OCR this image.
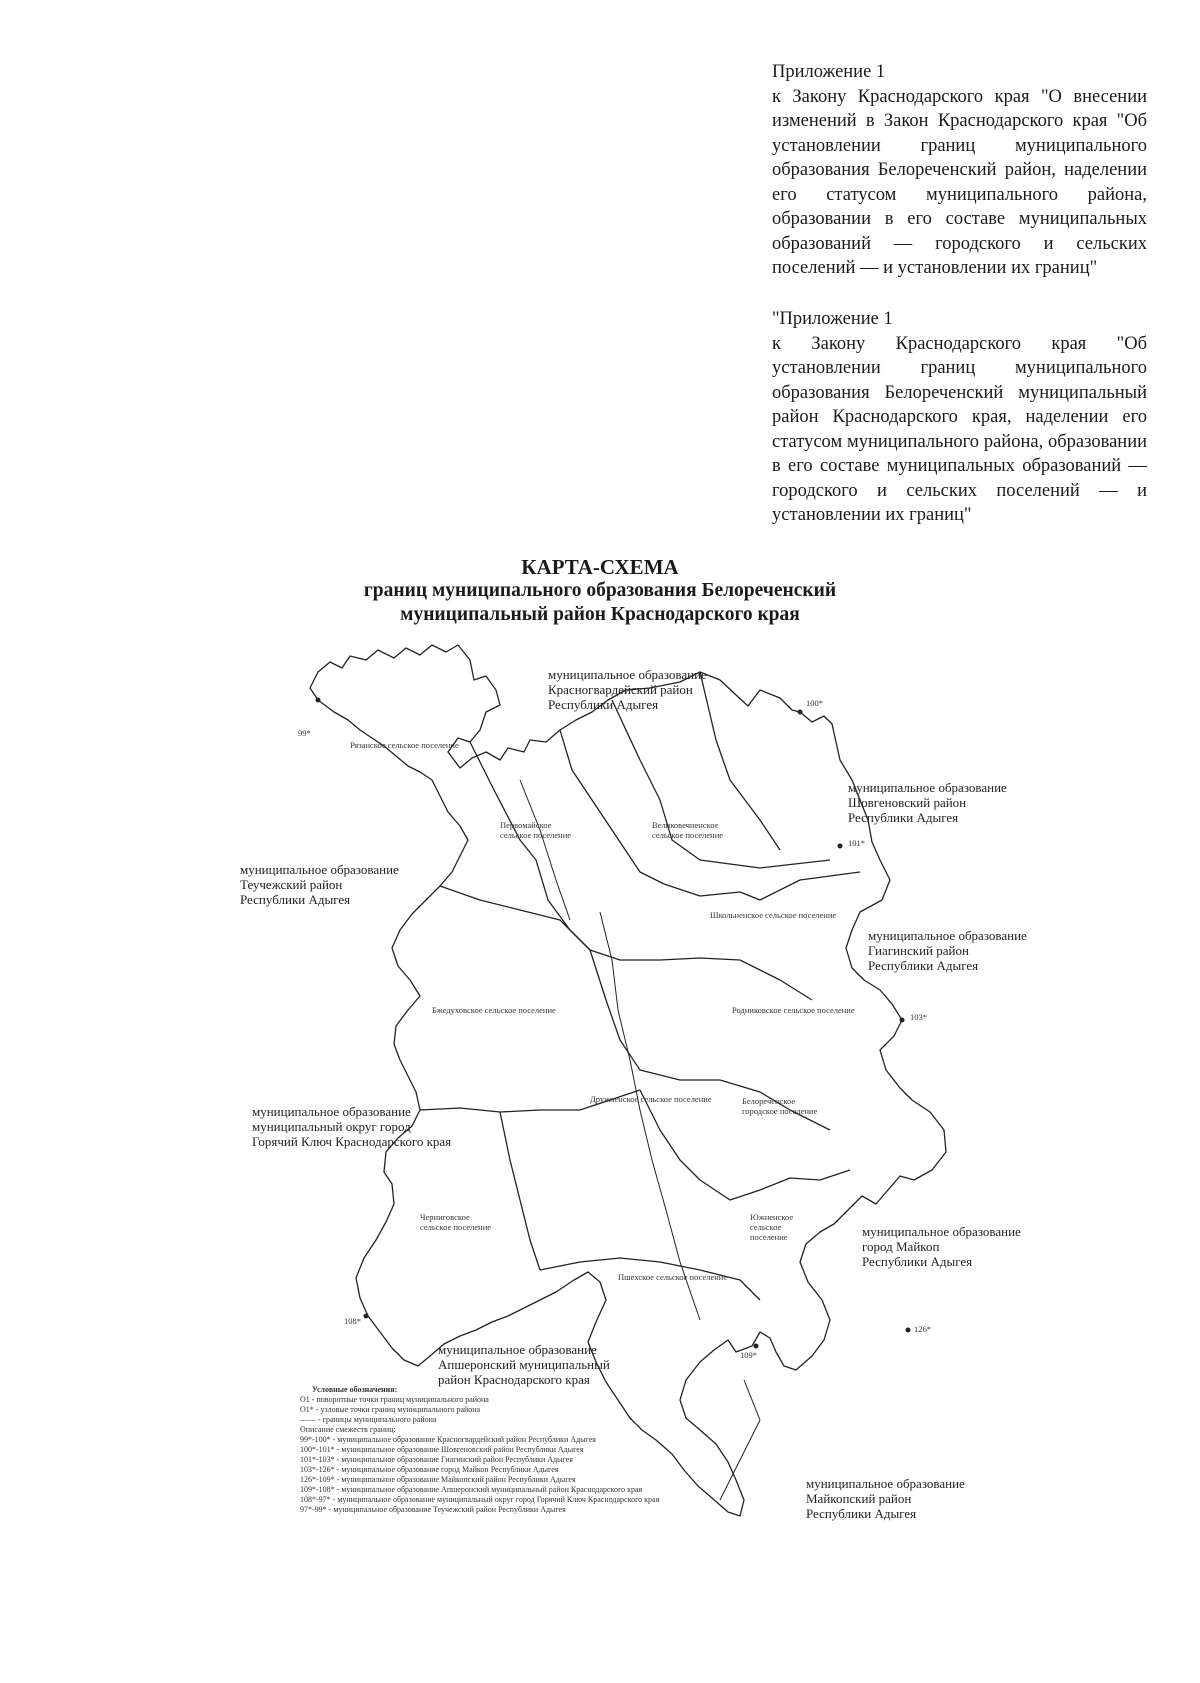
Приложение 1
к Закону Краснодарского края "О внесении изменений в Закон Краснодарского края "Об установлении границ муниципального образования Белореченский район, наделении его статусом муниципального района, образовании в его составе муниципальных образований — городского и сельских поселений — и установлении их границ"
"Приложение 1
к Закону Краснодарского края "Об установлении границ муниципального образования Белореченский муниципальный район Краснодарского края, наделении его статусом муниципального района, образовании в его составе муниципальных образований — городского и сельских поселений — и установлении их границ"
КАРТА-СХЕМА
границ муниципального образования Белореченский
муниципальный район Краснодарского края
муниципальное образование
Красногвардейский район
Республики Адыгея
муниципальное образование
Шовгеновский район
Республики Адыгея
муниципальное образование
Теучежский район
Республики Адыгея
муниципальное образование
Гиагинский район
Республики Адыгея
муниципальное образование
муниципальный округ город
Горячий Ключ Краснодарского края
муниципальное образование
город Майкоп
Республики Адыгея
муниципальное образование
Апшеронский муниципальный
район Краснодарского края
муниципальное образование
Майкопский район
Республики Адыгея
Рязанское сельское поселение
Первомайское сельское поселение
Великовечненское сельское поселение
Школьненское сельское поселение
Бжедуховское сельское поселение	Родниковское сельское поселение
Дружненское сельское поселение	Белореченское городское поселение
Черниговское сельское поселение
Южненское сельское поселение
Пшехское сельское поселение
99*
100*
101*
103*
108*
109*
126*
Условные обозначения:
О1 - поворотные точки границ муниципального района
О1* - узловые точки границ муниципального района
—— - границы муниципального района
Описание смежеств границ:
99*-100* - муниципальное образование Красногвардейский район Республики Адыгея
100*-101* - муниципальное образование Шовгеновский район Республики Адыгея
101*-103* - муниципальное образование Гиагинский район Республики Адыгея
103*-126* - муниципальное образование город Майкоп Республики Адыгея
126*-109* - муниципальное образование Майкопский район Республики Адыгея
109*-108* - муниципальное образование Апшеронский муниципальный район Краснодарского края
108*-97* - муниципальное образование муниципальный округ город Горячий Ключ Краснодарского края
97*-99* - муниципальное образование Теучежский район Республики Адыгея
